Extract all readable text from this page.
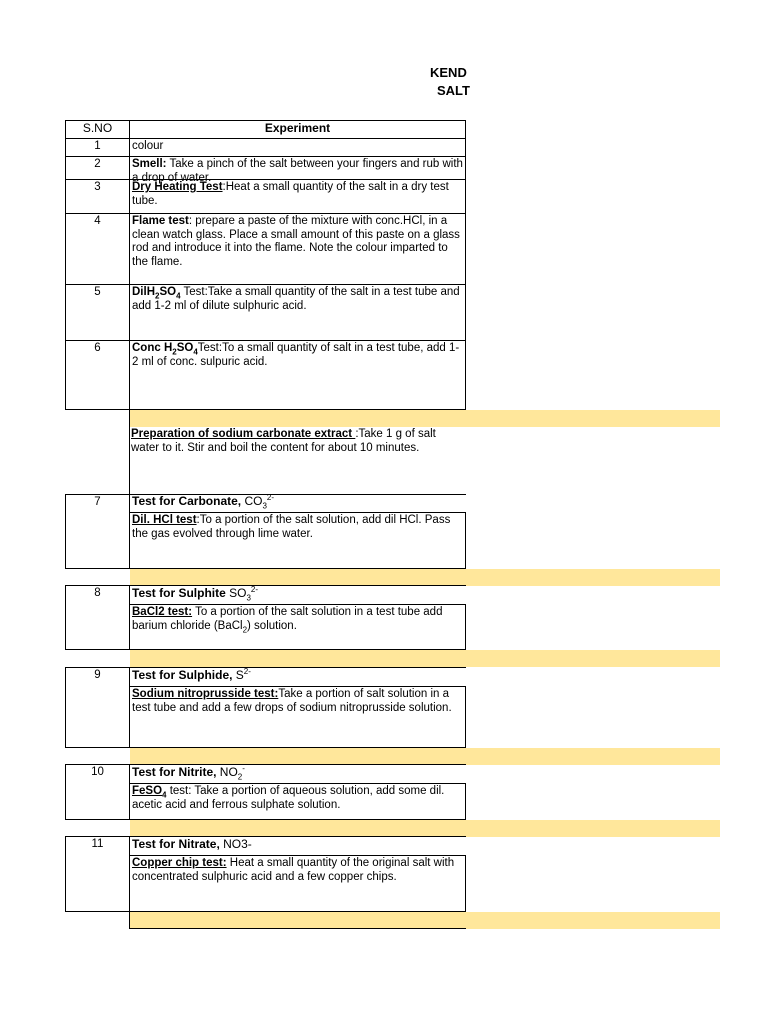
KEND
SALT
S.NO	Experiment
1	colour
2	Smell: Take a pinch of the salt between your fingers and rub with a drop of water.
3	Dry Heating Test:Heat a small quantity of the salt in a dry test tube.
4	Flame test: prepare a paste of the mixture with conc.HCl, in a clean watch glass. Place a small amount of this paste on a glass rod and introduce it into the flame. Note the colour imparted to the flame.
5	$DilH_2SO_4$ Test:Take a small quantity of the salt in a test tube and add 1-2 ml of dilute sulphuric acid.
6	Conc $H_2SO_4Test:To$ a small quantity of salt in a test tube, add 1-2 ml of conc. sulpuric acid.
Preparation of sodium carbonate extract :Take 1 g of salt
water to it. Stir and boil the content for about 10 minutes.
7	Test for Carbonate, $CO_3^{2-}$
Dil. HCl test:To a portion of the salt solution, add dil HCl. Pass the gas evolved through lime water.
8	Test for Sulphite $SO_3^{2-}$
BaCl2 test: To a portion of the salt solution in a test tube add barium chloride (BaCl$_2$) solution.
9	Test for Sulphide, $S^{2-}$
Sodium nitroprusside test:Take a portion of salt solution in a test tube and add a few drops of sodium nitroprusside solution.
10	Test for Nitrite, $NO_2^-$
FeSO$_4$ test: Take a portion of aqueous solution, add some dil. acetic acid and ferrous sulphate solution.
11	Test for Nitrate, NO3-
Copper chip test: Heat a small quantity of the original salt with concentrated sulphuric acid and a few copper chips.
